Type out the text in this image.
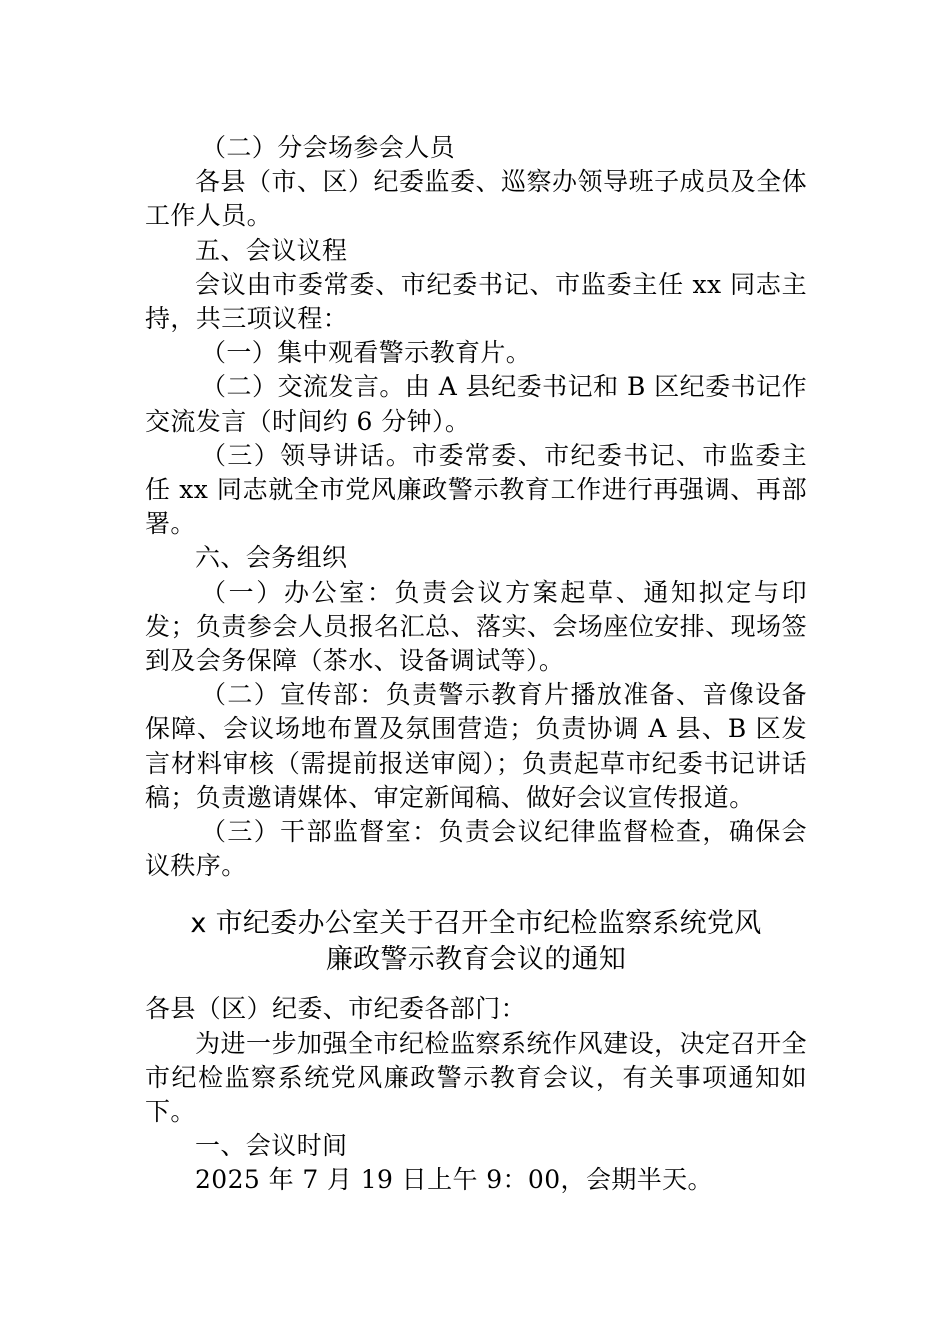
（二）分会场参会人员

各县（市、区）纪委监委、巡察办领导班子成员及全体工作人员。

五、会议议程

会议由市委常委、市纪委书记、市监委主任 xx 同志主持，共三项议程：

（一）集中观看警示教育片。

（二）交流发言。由 A 县纪委书记和 B 区纪委书记作交流发言（时间约 6 分钟）。

（三）领导讲话。市委常委、市纪委书记、市监委主任 xx 同志就全市党风廉政警示教育工作进行再强调、再部署。

六、会务组织

（一）办公室：负责会议方案起草、通知拟定与印发；负责参会人员报名汇总、落实、会场座位安排、现场签到及会务保障（茶水、设备调试等）。

（二）宣传部：负责警示教育片播放准备、音像设备保障、会议场地布置及氛围营造；负责协调 A 县、B 区发言材料审核（需提前报送审阅）；负责起草市纪委书记讲话稿；负责邀请媒体、审定新闻稿、做好会议宣传报道。

（三）干部监督室：负责会议纪律监督检查，确保会议秩序。

x 市纪委办公室关于召开全市纪检监察系统党风
廉政警示教育会议的通知

各县（区）纪委、市纪委各部门：

为进一步加强全市纪检监察系统作风建设，决定召开全市纪检监察系统党风廉政警示教育会议，有关事项通知如下。

一、会议时间

2025 年 7 月 19 日上午 9：00，会期半天。
